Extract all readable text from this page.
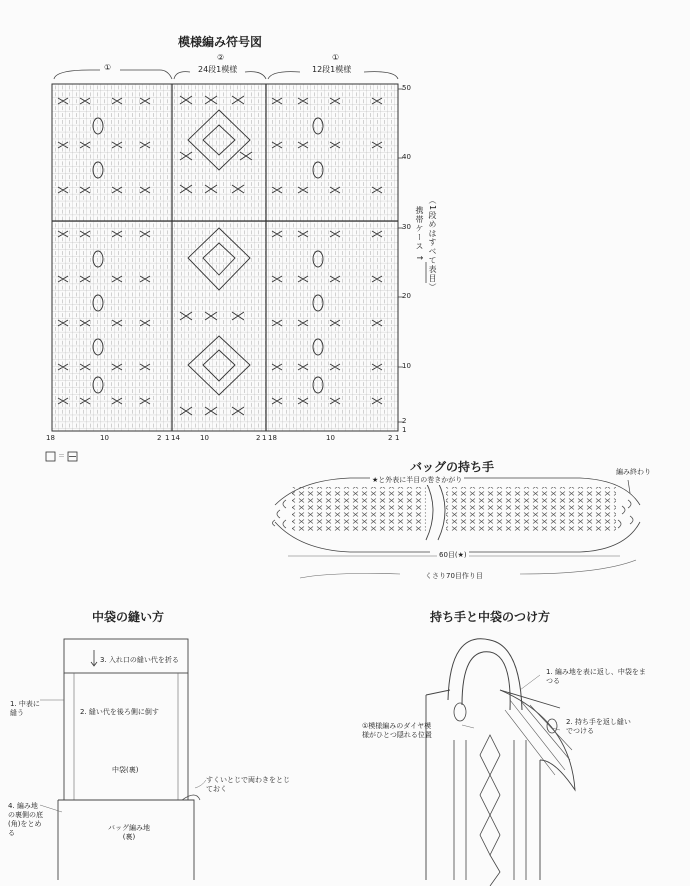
模様編み符号図
①
②
24段1模様
①
12段1模様
50
40
30
20
10
2
1
18	10	2 1 14	10	2 1 18	10	2 1
（1段めはすべて表目）
携帯ケース ↑
＝
バッグの持ち手
★と外表に半目の巻きかがり
編み終わり
60目(★)
くさり70目作り目
中袋の縫い方
3. 入れ口の縫い代を折る
1. 中表に縫う	2. 縫い代を後ろ側に倒す
中袋(裏)
すくいとじで両わきをとじておく
4. 編み地の裏側の底(角)をとめる
バッグ編み地(裏)
持ち手と中袋のつけ方
1. 編み地を表に返し、中袋をまつる
2. 持ち手を返し縫いでつける
①模様編みのダイヤ模様がひとつ隠れる位置
